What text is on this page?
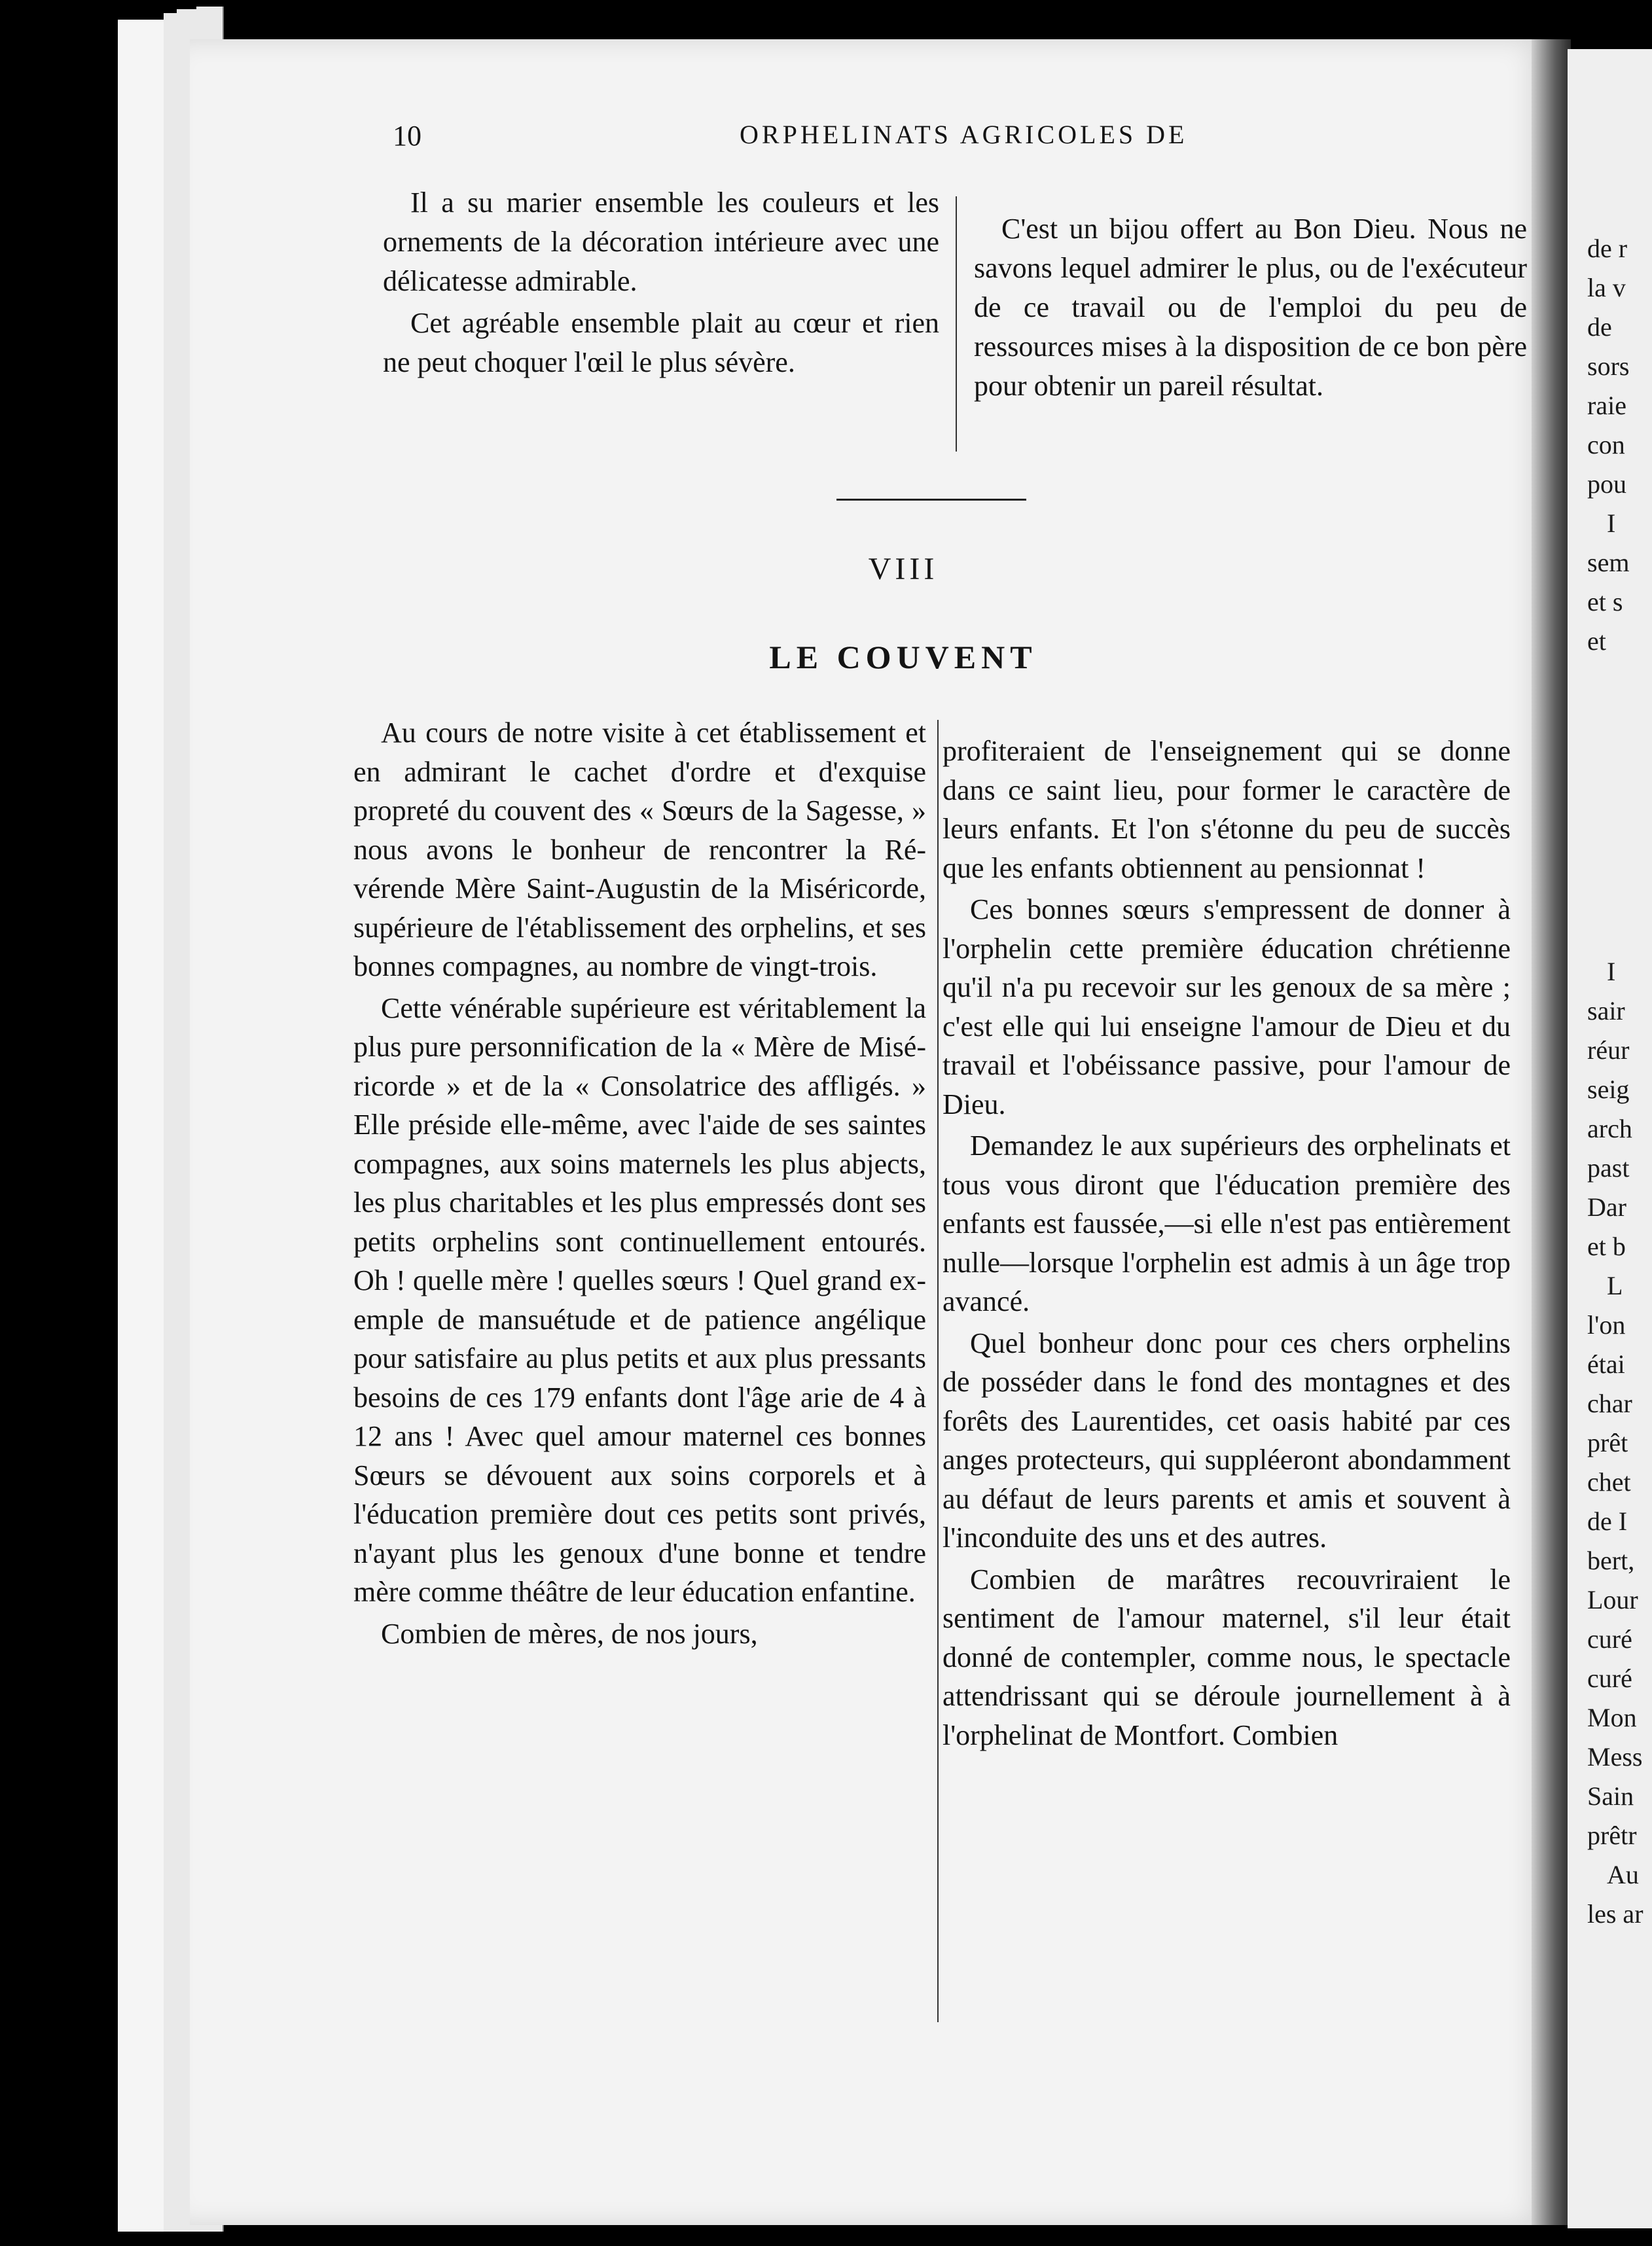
de r
la v
de
sors
raie
con
pou
I
sem
et s
et
I
sair
réur
seig
arch
past
Dar
et b
L
l'on
étai
char
prêt
chet
de I
bert,
Lour
curé
curé
Mon
Mess
Sain
prêtr
Au
les ar
10	ORPHELINATS AGRICOLES DE

Il a su marier ensemble les couleurs et les ornements de la décoration intérieure avec une délicatesse admirable.

Cet agréable ensemble plait au cœur et rien ne peut choquer l'œil le plus sévère.

C'est un bijou offert au Bon Dieu. Nous ne savons lequel admirer le plus, ou de l'exécuteur de ce travail ou de l'emploi du peu de ressources mises à la disposition de ce bon père pour obtenir un pareil résultat.

VIII
LE COUVENT

Au cours de notre visite à cet établissement et en admirant le cachet d'ordre et d'exquise propreté du couvent des « Sœurs de la Sagesse, » nous avons le bonheur de rencontrer la Révérende Mère Saint-Augustin de la Miséricorde, supérieure de l'établissement des orphelins, et ses bonnes compagnes, au nombre de vingt-trois.

Cette vénérable supérieure est véritablement la plus pure personnification de la « Mère de Miséricorde » et de la « Consolatrice des affligés. » Elle préside elle-même, avec l'aide de ses saintes compagnes, aux soins maternels les plus abjects, les plus charitables et les plus empressés dont ses petits orphelins sont continuellement entourés. Oh ! quelle mère ! quelles sœurs ! Quel grand exemple de mansuétude et de patience angélique pour satisfaire au plus petits et aux plus pressants besoins de ces 179 enfants dont l'âge arie de 4 à 12 ans ! Avec quel amour maternel ces bonnes Sœurs se dévouent aux soins corporels et à l'éducation première dout ces petits sont privés, n'ayant plus les genoux d'une bonne et tendre mère comme théâtre de leur éducation enfantine.

Combien de mères, de nos jours,

profiteraient de l'enseignement qui se donne dans ce saint lieu, pour former le caractère de leurs enfants. Et l'on s'étonne du peu de succès que les enfants obtiennent au pensionnat !

Ces bonnes sœurs s'empressent de donner à l'orphelin cette première éducation chrétienne qu'il n'a pu recevoir sur les genoux de sa mère ; c'est elle qui lui enseigne l'amour de Dieu et du travail et l'obéissance passive, pour l'amour de Dieu.

Demandez le aux supérieurs des orphelinats et tous vous diront que l'éducation première des enfants est faussée,—si elle n'est pas entièrement nulle—lorsque l'orphelin est admis à un âge trop avancé.

Quel bonheur donc pour ces chers orphelins de posséder dans le fond des montagnes et des forêts des Laurentides, cet oasis habité par ces anges protecteurs, qui suppléeront abondamment au défaut de leurs parents et amis et souvent à l'inconduite des uns et des autres.

Combien de marâtres recouvriraient le sentiment de l'amour maternel, s'il leur était donné de contempler, comme nous, le spectacle attendrissant qui se déroule journellement à à l'orphelinat de Montfort. Combien
